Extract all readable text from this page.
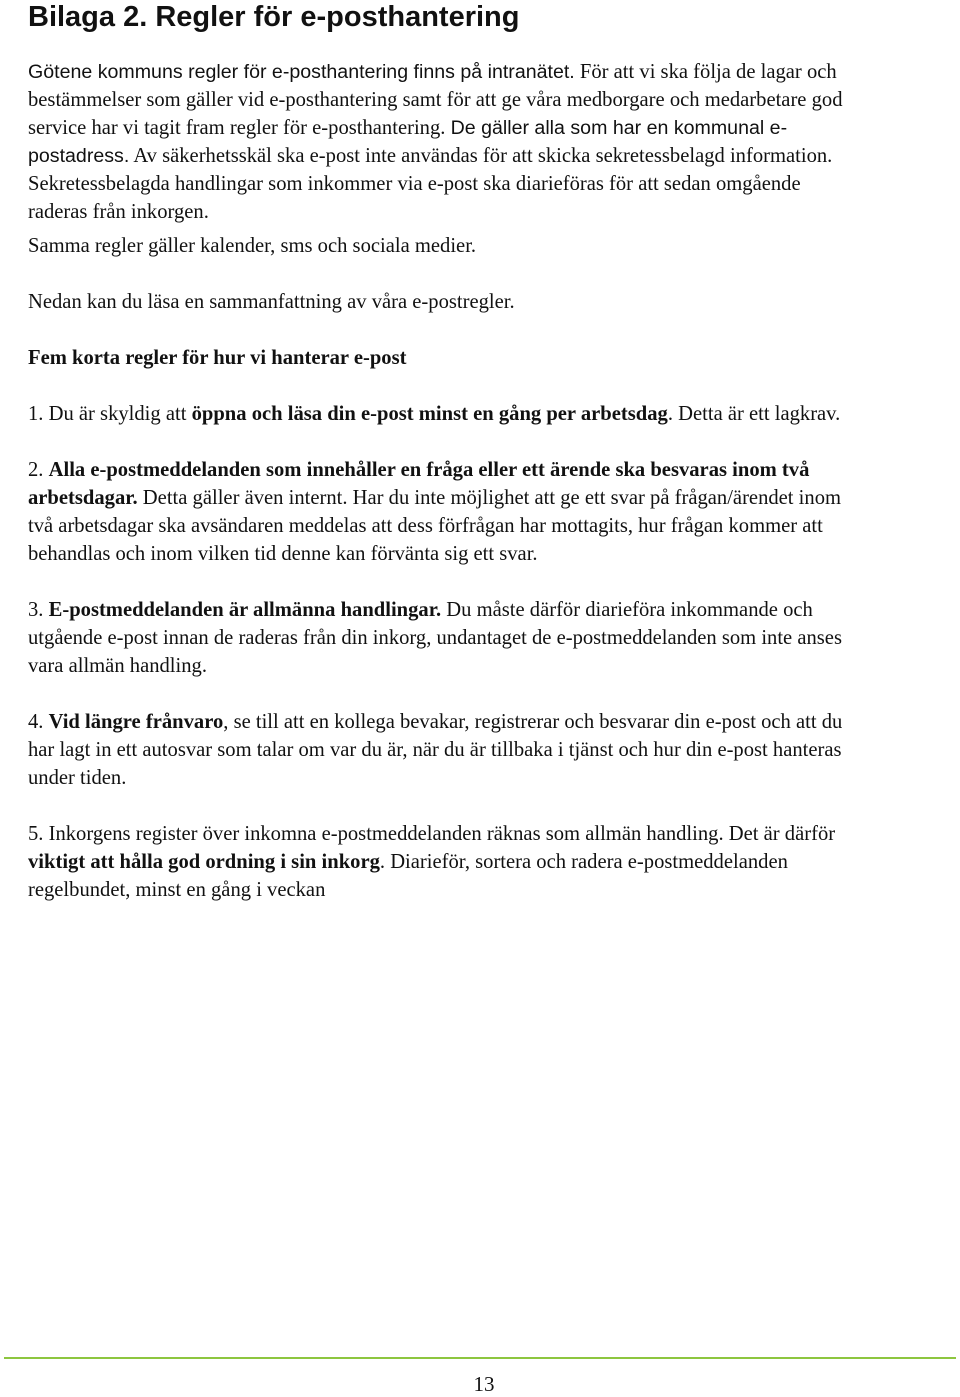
Bilaga 2. Regler för e-posthantering

Götene kommuns regler för e-posthantering finns på intranätet. För att vi ska följa de lagar och bestämmelser som gäller vid e-posthantering samt för att ge våra medborgare och medarbetare god service har vi tagit fram regler för e-posthantering. De gäller alla som har en kommunal e-postadress. Av säkerhetsskäl ska e-post inte användas för att skicka sekretessbelagd information. Sekretessbelagda handlingar som inkommer via e-post ska diarieföras för att sedan omgående raderas från inkorgen.

Samma regler gäller kalender, sms och sociala medier.

Nedan kan du läsa en sammanfattning av våra e-postregler.

Fem korta regler för hur vi hanterar e-post

1. Du är skyldig att öppna och läsa din e-post minst en gång per arbetsdag. Detta är ett lagkrav.

2. Alla e-postmeddelanden som innehåller en fråga eller ett ärende ska besvaras inom två arbetsdagar. Detta gäller även internt. Har du inte möjlighet att ge ett svar på frågan/ärendet inom två arbetsdagar ska avsändaren meddelas att dess förfrågan har mottagits, hur frågan kommer att behandlas och inom vilken tid denne kan förvänta sig ett svar.

3. E-postmeddelanden är allmänna handlingar. Du måste därför diarieföra inkommande och utgående e-post innan de raderas från din inkorg, undantaget de e-postmeddelanden som inte anses vara allmän handling.

4. Vid längre frånvaro, se till att en kollega bevakar, registrerar och besvarar din e-post och att du har lagt in ett autosvar som talar om var du är, när du är tillbaka i tjänst och hur din e-post hanteras under tiden.

5. Inkorgens register över inkomna e-postmeddelanden räknas som allmän handling. Det är därför viktigt att hålla god ordning i sin inkorg. Diarieför, sortera och radera e-postmeddelanden regelbundet, minst en gång i veckan

13
